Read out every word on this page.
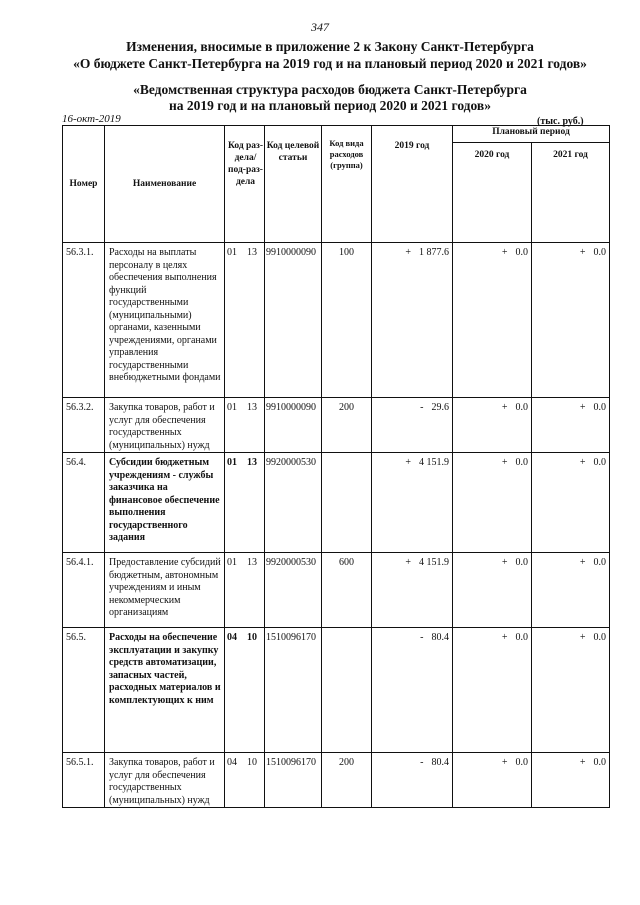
347
Изменения, вносимые в приложение 2 к Закону Санкт-Петербурга
«О бюджете Санкт-Петербурга на 2019 год и на плановый период 2020 и 2021 годов»
«Ведомственная структура расходов бюджета Санкт-Петербурга
на 2019 год и на плановый период 2020 и 2021 годов»
16-окт-2019	(тыс. руб.)
Номер	Наименование	Код раз-дела/ под-раз-дела	Код целевой статьи	Код вида расходов (группа)	2019 год	Плановый период	
						2020 год	2021 год
56.3.1.	Расходы на выплаты персоналу в целях обеспечения выполнения функций государственными (муниципальными) органами, казенными учреждениями, органами управления государственными внебюджетными фондами	01 13	9910000090	100	+ 1 877.6	+ 0.0	+ 0.0
56.3.2.	Закупка товаров, работ и услуг для обеспечения государственных (муниципальных) нужд	01 13	9910000090	200	- 29.6	+ 0.0	+ 0.0
56.4.	Субсидии бюджетным учреждениям - службы заказчика на финансовое обеспечение выполнения государственного задания	01 13	9920000530		+ 4 151.9	+ 0.0	+ 0.0
56.4.1.	Предоставление субсидий бюджетным, автономным учреждениям и иным некоммерческим организациям	01 13	9920000530	600	+ 4 151.9	+ 0.0	+ 0.0
56.5.	Расходы на обеспечение эксплуатации и закупку средств автоматизации, запасных частей, расходных материалов и комплектующих к ним	04 10	1510096170		- 80.4	+ 0.0	+ 0.0
56.5.1.	Закупка товаров, работ и услуг для обеспечения государственных (муниципальных) нужд	04 10	1510096170	200	- 80.4	+ 0.0	+ 0.0
